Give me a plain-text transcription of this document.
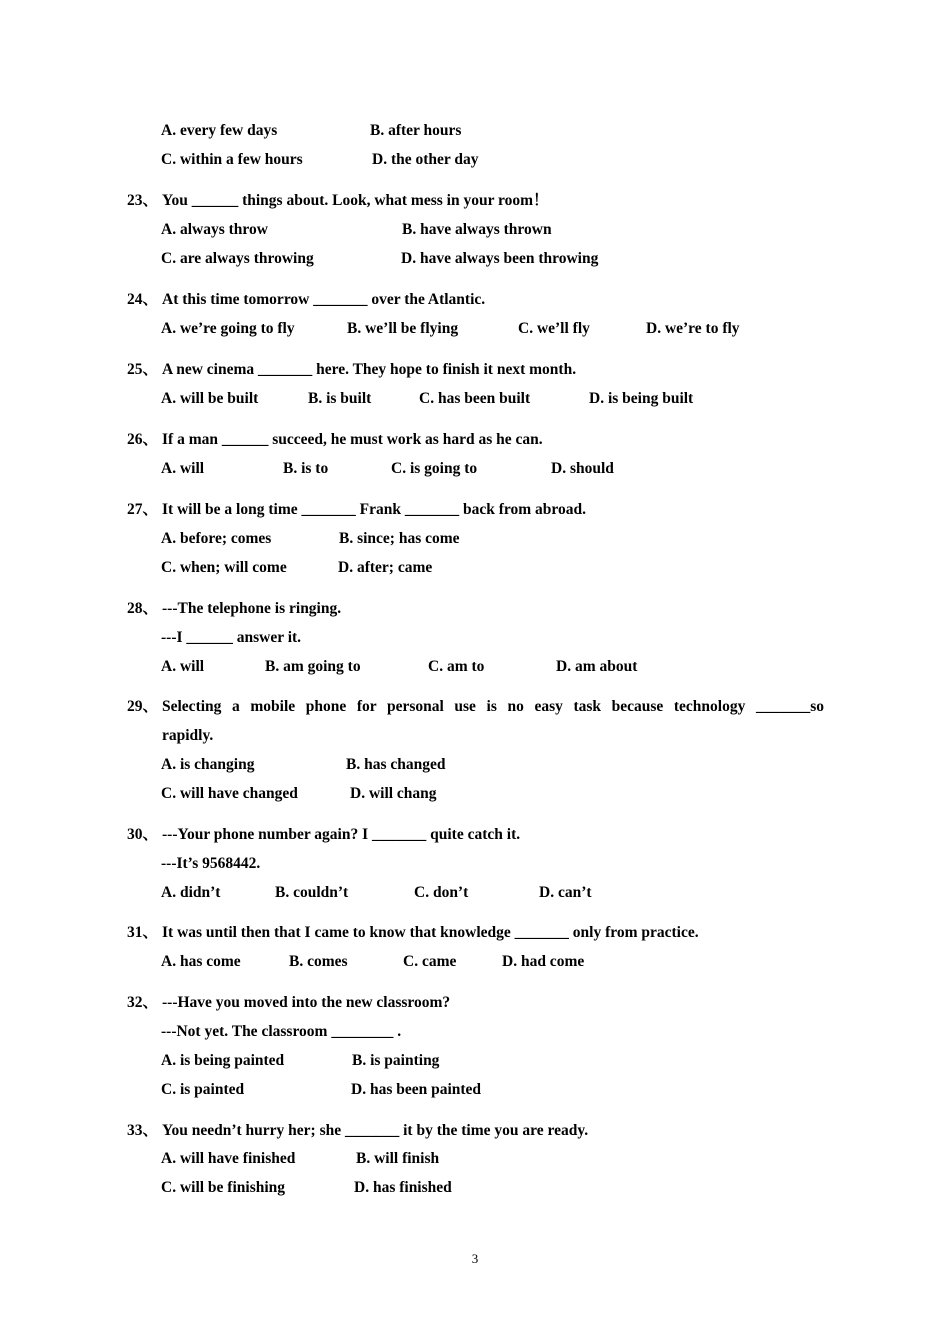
A. every few days	B. after hours
C. within a few hours	D. the other day
23、 You ______ things about. Look, what mess in your room！
A. always throw	B. have always thrown
C. are always throwing	D. have always been throwing
24、 At this time tomorrow _______ over the Atlantic.
A. we’re going to fly	B. we’ll be flying	C. we’ll fly	D. we’re to fly
25、 A new cinema _______ here. They hope to finish it next month.
A. will be built	B. is built	C. has been built	D. is being built
26、 If a man ______ succeed, he must work as hard as he can.
A. will	B. is to	C. is going to	D. should
27、 It will be a long time _______ Frank _______ back from abroad.
A. before; comes	B. since; has come
C. when; will come	D. after; came
28、 ---The telephone is ringing.
---I ______ answer it.
A. will	B. am going to	C. am to	D. am about
29、 Selecting a mobile phone for personal use is no easy task because technology _______so
rapidly.
A. is changing	B. has changed
C. will have changed	D. will chang
30、 ---Your phone number again? I _______ quite catch it.
---It’s 9568442.
A. didn’t	B. couldn’t	C. don’t	D. can’t
31、 It was until then that I came to know that knowledge _______ only from practice.
A. has come	B. comes	C. came	D. had come
32、 ---Have you moved into the new classroom?
---Not yet. The classroom ________ .
A. is being painted	B. is painting
C. is painted	D. has been painted
33、 You needn’t hurry her; she _______ it by the time you are ready.
A. will have finished	B. will finish
C. will be finishing	D. has finished
3
